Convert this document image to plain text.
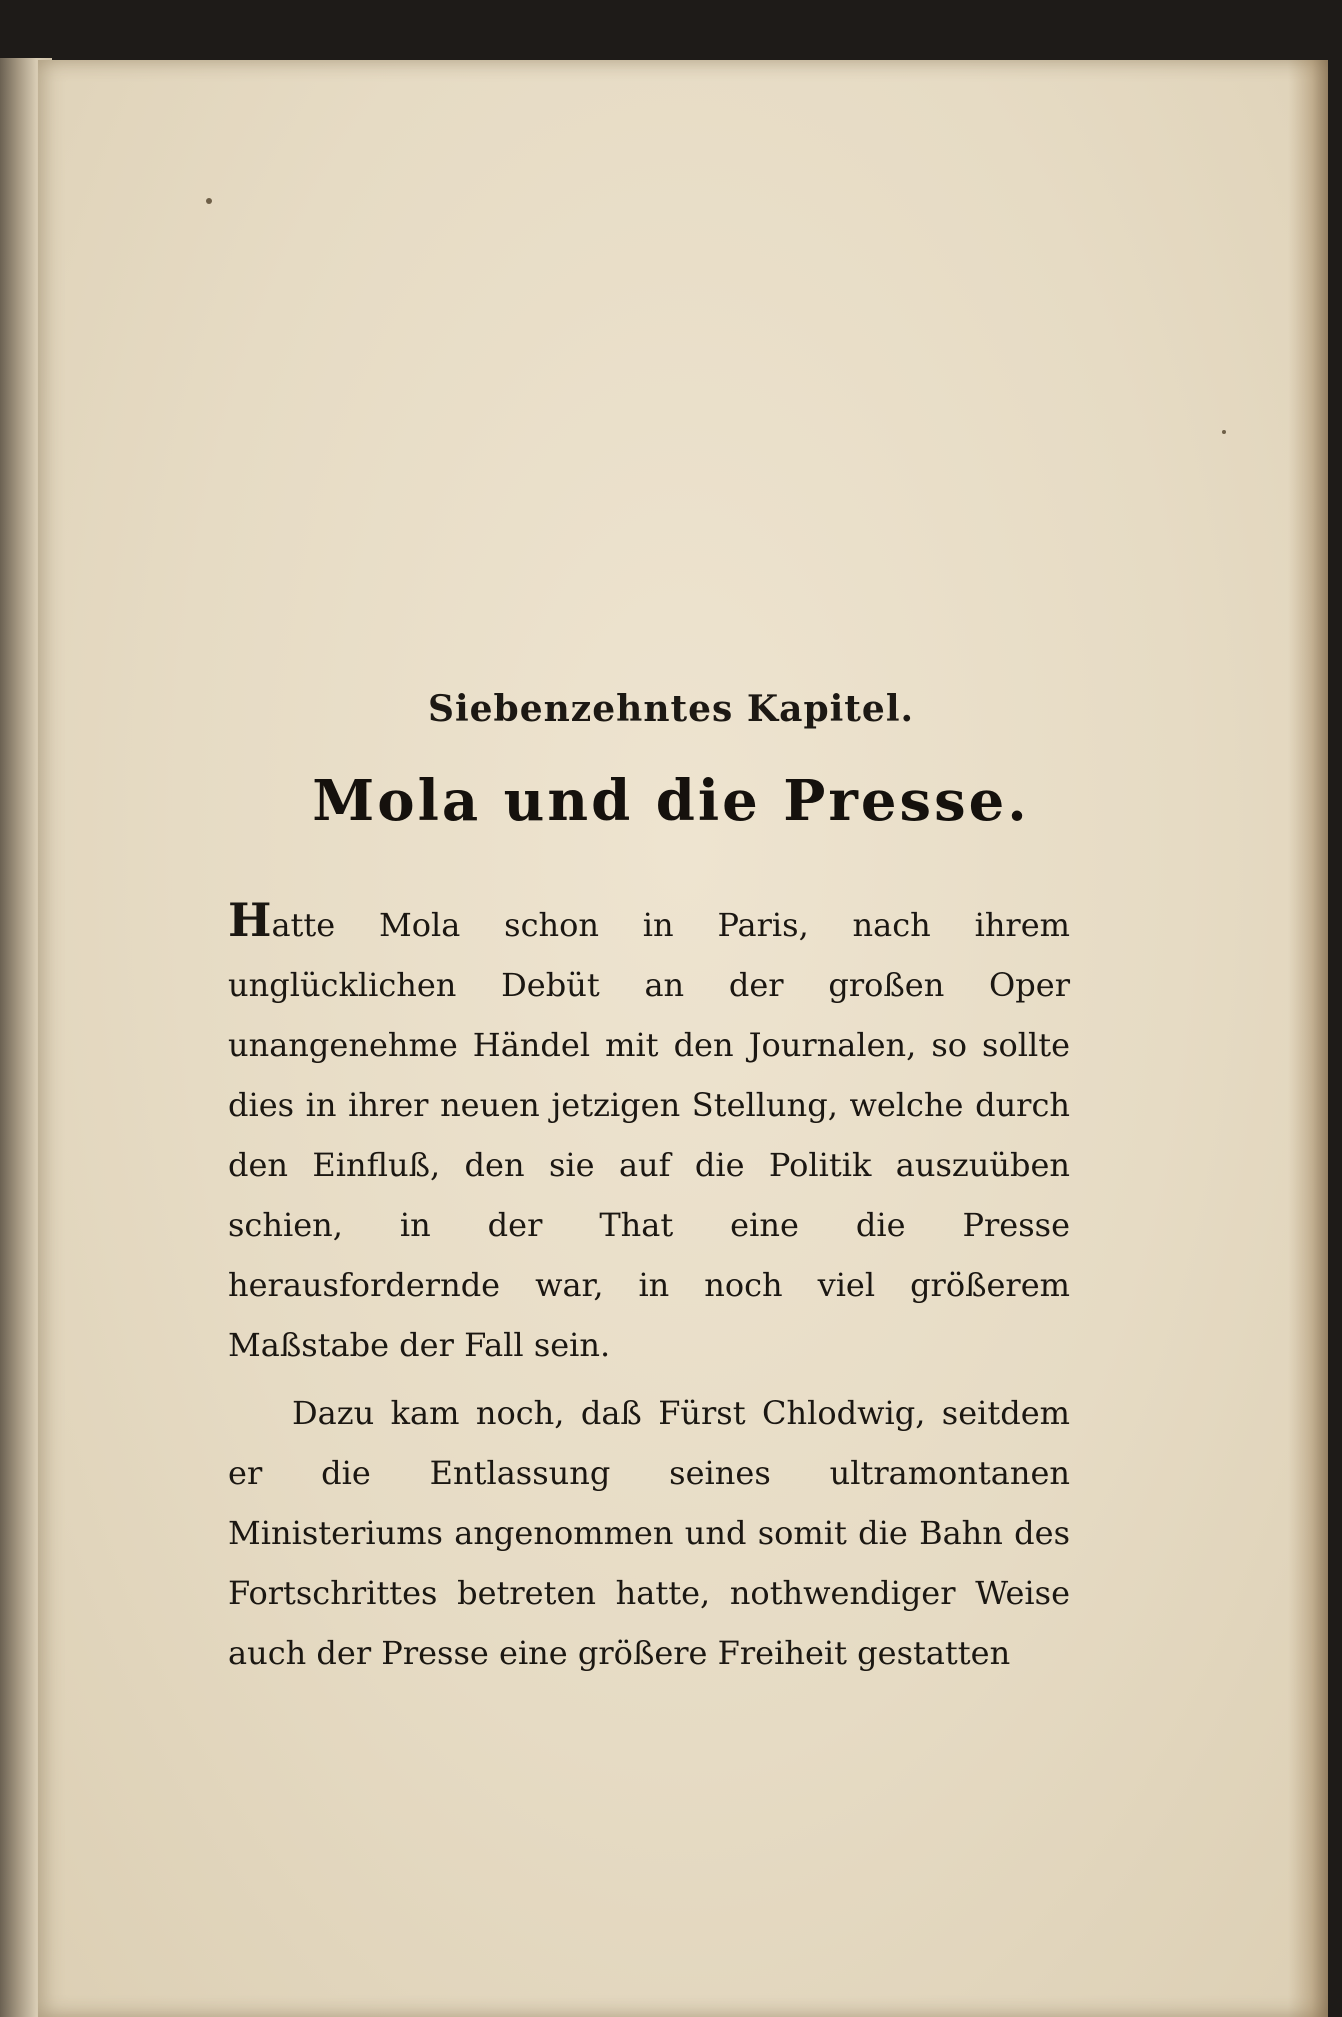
Siebenzehntes Kapitel.
Mola und die Presse.

Hatte Mola schon in Paris, nach ihrem unglücklichen Debüt an der großen Oper unangenehme Händel mit den Journalen, so sollte dies in ihrer neuen jetzigen Stellung, welche durch den Einfluß, den sie auf die Politik auszuüben schien, in der That eine die Presse herausfordernde war, in noch viel größerem Maßstabe der Fall sein.

Dazu kam noch, daß Fürst Chlodwig, seitdem er die Entlassung seines ultramontanen Ministeriums angenommen und somit die Bahn des Fortschrittes betreten hatte, nothwendiger Weise auch der Presse eine größere Freiheit gestatten
